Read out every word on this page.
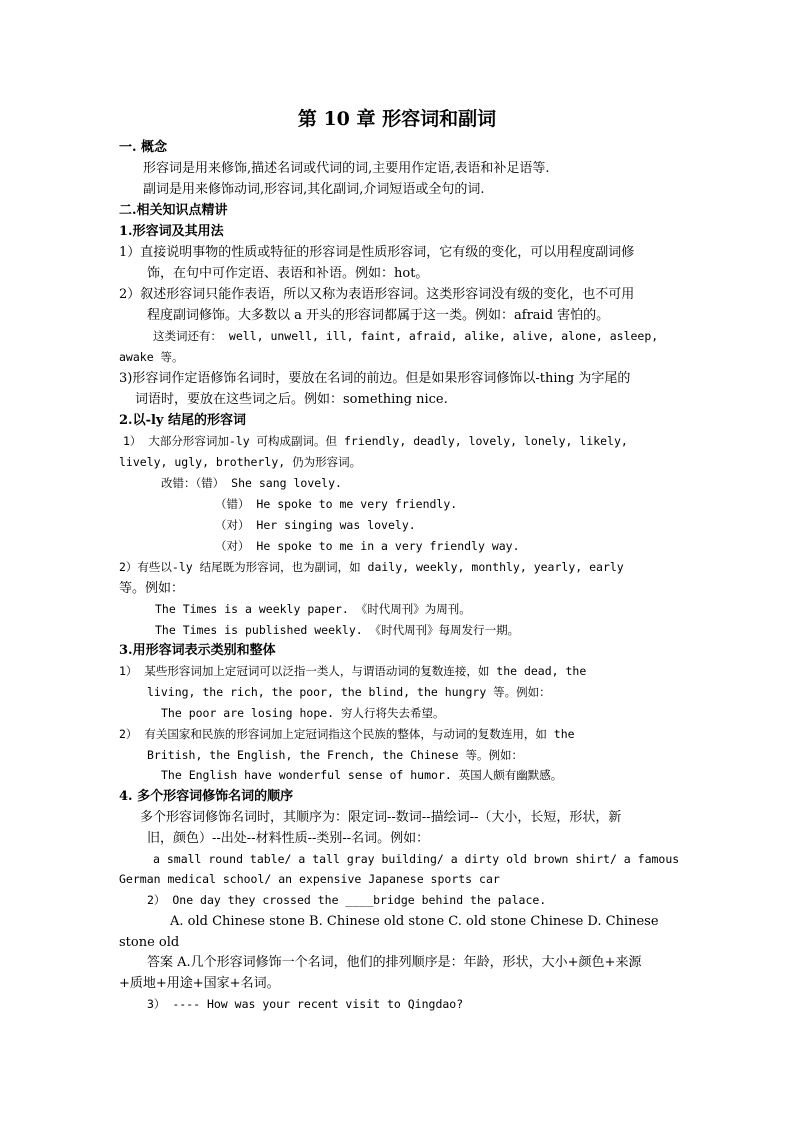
第 10 章 形容词和副词
一. 概念
形容词是用来修饰,描述名词或代词的词,主要用作定语,表语和补足语等.
副词是用来修饰动词,形容词,其化副词,介词短语或全句的词.
二.相关知识点精讲
1.形容词及其用法
1）直接说明事物的性质或特征的形容词是性质形容词，它有级的变化，可以用程度副词修
饰，在句中可作定语、表语和补语。例如：hot。
2）叙述形容词只能作表语，所以又称为表语形容词。这类形容词没有级的变化，也不可用
程度副词修饰。大多数以 a 开头的形容词都属于这一类。例如：afraid 害怕的。
这类词还有： well, unwell, ill, faint, afraid, alike, alive, alone, asleep,
awake 等。
3)形容词作定语修饰名词时，要放在名词的前边。但是如果形容词修饰以-thing 为字尾的
词语时，要放在这些词之后。例如：something nice.
2.以-ly 结尾的形容词
1） 大部分形容词加-ly 可构成副词。但 friendly, deadly, lovely, lonely, likely,
lively, ugly, brotherly, 仍为形容词。
改错：（错） She sang lovely.
（错） He spoke to me very friendly.
（对） Her singing was lovely.
（对） He spoke to me in a very friendly way.
2）有些以-ly 结尾既为形容词，也为副词，如 daily, weekly, monthly, yearly, early
等。例如：
The Times is a weekly paper. 《时代周刊》为周刊。
The Times is published weekly. 《时代周刊》每周发行一期。
3.用形容词表示类别和整体
1） 某些形容词加上定冠词可以泛指一类人，与谓语动词的复数连接，如 the dead, the
living, the rich, the poor, the blind, the hungry 等。例如：
The poor are losing hope. 穷人行将失去希望。
2） 有关国家和民族的形容词加上定冠词指这个民族的整体，与动词的复数连用，如 the
British, the English, the French, the Chinese 等。例如：
The English have wonderful sense of humor. 英国人颇有幽默感。
4. 多个形容词修饰名词的顺序
多个形容词修饰名词时，其顺序为：限定词--数词--描绘词--（大小，长短，形状，新
旧，颜色）--出处--材料性质--类别--名词。例如：
a small round table/ a tall gray building/ a dirty old brown shirt/ a famous
German medical school/ an expensive Japanese sports car
2） One day they crossed the ____bridge behind the palace.
A. old Chinese stone B. Chinese old stone C. old stone Chinese D. Chinese
stone old
答案 A.几个形容词修饰一个名词，他们的排列顺序是：年龄，形状，大小+颜色+来源
+质地+用途+国家+名词。
3） ---- How was your recent visit to Qingdao?
